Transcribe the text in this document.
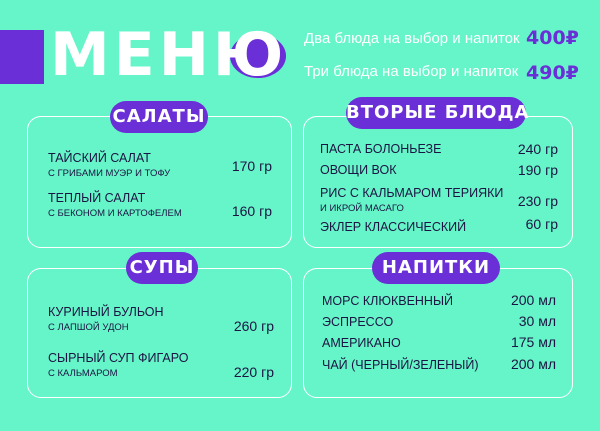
МЕНЮ Два блюда на выбор и напиток 400₽
Три блюда на выбор и напиток 490₽
САЛАТЫ
ТАЙСКИЙ САЛАТ
С ГРИБАМИ МУЭР И ТОФУ	170 гр
ТЕПЛЫЙ САЛАТ
С БЕКОНОМ И КАРТОФЕЛЕМ	160 гр
ВТОРЫЕ БЛЮДА
ПАСТА БОЛОНЬЕЗЕ	240 гр
ОВОЩИ ВОК	190 гр
РИС С КАЛЬМАРОМ ТЕРИЯКИ
И ИКРОЙ МАСАГО	230 гр
ЭКЛЕР КЛАССИЧЕСКИЙ	60 гр
СУПЫ
КУРИНЫЙ БУЛЬОН
С ЛАПШОЙ УДОН	260 гр
СЫРНЫЙ СУП ФИГАРО
С КАЛЬМАРОМ	220 гр
НАПИТКИ
МОРС КЛЮКВЕННЫЙ	200 мл
ЭСПРЕССО	30 мл
АМЕРИКАНО	175 мл
ЧАЙ (ЧЕРНЫЙ/ЗЕЛЕНЫЙ)	200 мл
